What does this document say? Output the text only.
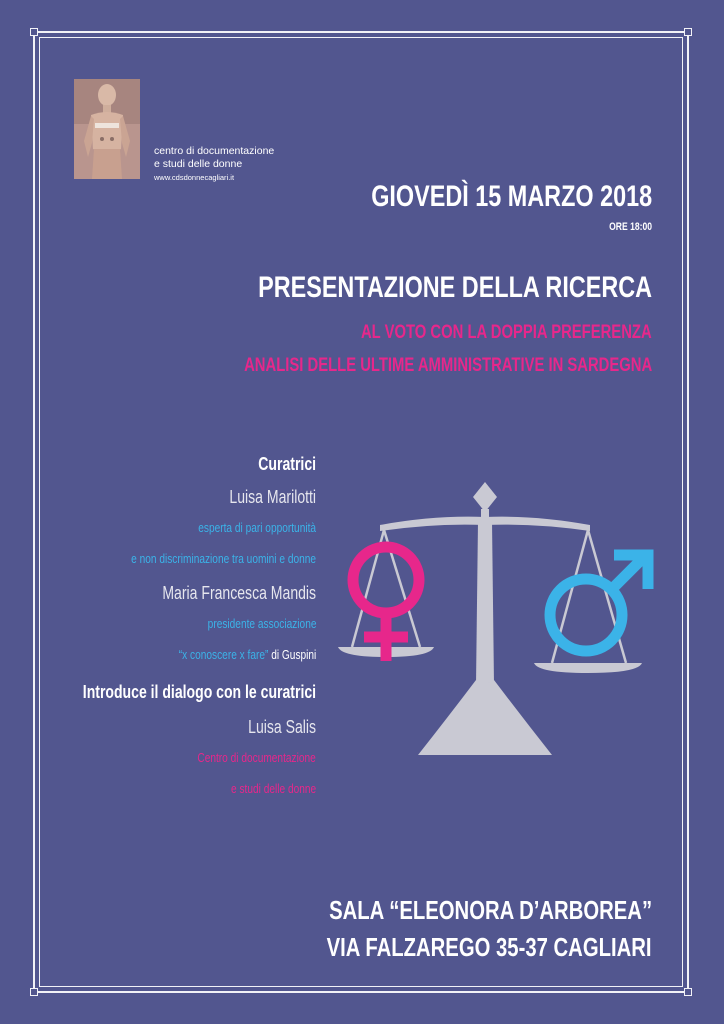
centro di documentazione
e studi delle donne
www.cdsdonnecagliari.it
GIOVEDÌ 15 MARZO 2018
ORE 18:00
PRESENTAZIONE DELLA RICERCA
AL VOTO CON LA DOPPIA PREFERENZA
ANALISI DELLE ULTIME AMMINISTRATIVE IN SARDEGNA
Curatrici
Luisa Marilotti
esperta di pari opportunità
e non discriminazione tra uomini e donne
Maria Francesca Mandis
presidente associazione
“x conoscere x fare” di Guspini
Introduce il dialogo con le curatrici
Luisa Salis
Centro di documentazione
e studi delle donne
SALA “ELEONORA D’ARBOREA”
VIA FALZAREGO 35-37 CAGLIARI
